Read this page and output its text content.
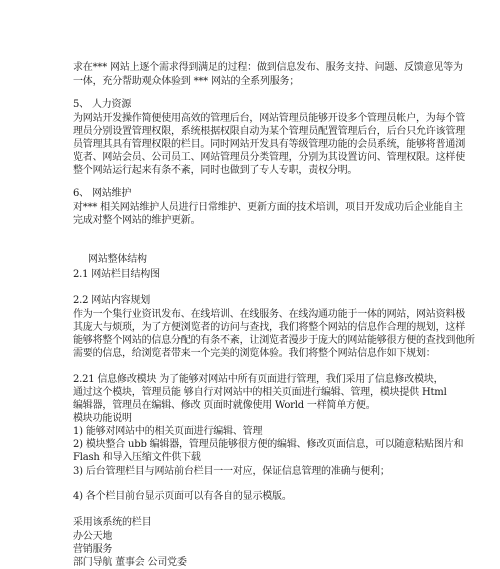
求在*** 网站上逐个需求得到满足的过程：做到信息发布、服务支持、问题、反馈意见等为
一体，充分帮助观众体验到 *** 网站的全系列服务；
5、 人力资源
为网站开发操作简便使用高效的管理后台，网站管理员能够开设多个管理员帐户，为每个管
理员分别设置管理权限，系统根据权限自动为某个管理员配置管理后台，后台只允许该管理
员管理其具有管理权限的栏目。同时网站开发具有等级管理功能的会员系统，能够将普通浏
览者、网站会员、公司员工、网站管理员分类管理，分别为其设置访问、管理权限。这样使
整个网站运行起来有条不紊，同时也做到了专人专职，责权分明。
6、 网站维护
对*** 相关网站维护人员进行日常维护、更新方面的技术培训，项目开发成功后企业能自主
完成对整个网站的维护更新。
网站整体结构
2.1 网站栏目结构图
2.2 网站内容规划
作为一个集行业资讯发布、在线培训、在线服务、在线沟通功能于一体的网站，网站资料极
其庞大与烦琐，为了方便浏览者的访问与查找，我们将整个网站的信息作合理的规划，这样
能够将整个网站的信息分配的有条不紊，让浏览者漫步于庞大的网站能够很方便的查找到他所
需要的信息，给浏览者带来一个完美的浏览体验。我们将整个网站信息作如下规划：
2.21 信息修改模块 为了能够对网站中所有页面进行管理，我们采用了信息修改模块，
通过这个模块，管理员能 够自行对网站中的相关页面进行编辑、管理，模块提供 Html
编辑器，管理员在编辑、修改 页面时就像使用 World 一样简单方便。
模块功能说明
1) 能够对网站中的相关页面进行编辑、管理
2) 模块整合 ubb 编辑器，管理员能够很方便的编辑、修改页面信息，可以随意粘贴图片和
Flash 和导入压缩文件供下载
3) 后台管理栏目与网站前台栏目一一对应，保证信息管理的准确与便利；
4) 各个栏目前台显示页面可以有各自的显示模版。
采用该系统的栏目
办公天地
营销服务
部门导航 董事会 公司党委
